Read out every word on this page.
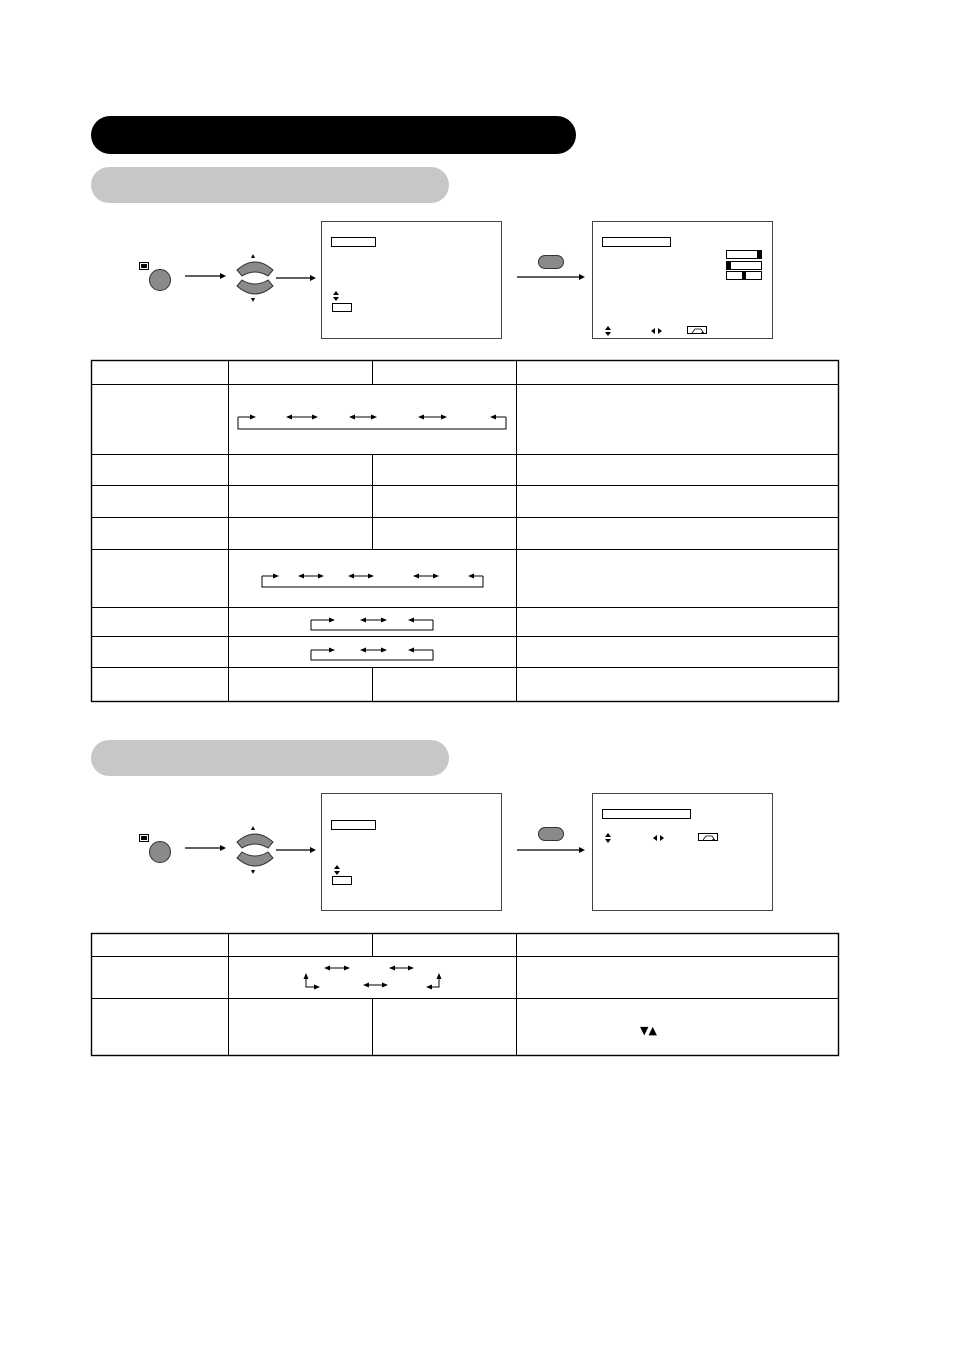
▼▲
